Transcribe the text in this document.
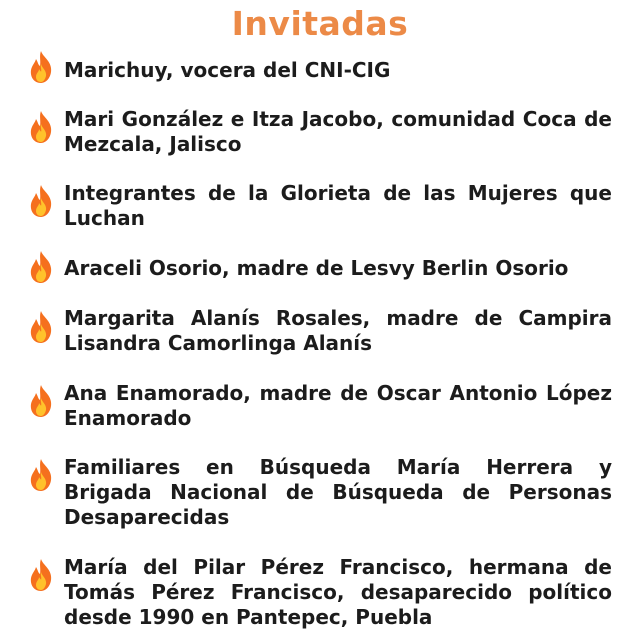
Invitadas
Marichuy, vocera del CNI-CIG
Mari González e Itza Jacobo, comunidad Coca de Mezcala, Jalisco
Integrantes de la Glorieta de las Mujeres que Luchan
Araceli Osorio, madre de Lesvy Berlin Osorio
Margarita Alanís Rosales, madre de Campira Lisandra Camorlinga Alanís
Ana Enamorado, madre de Oscar Antonio López Enamorado
Familiares en Búsqueda María Herrera y Brigada Nacional de Búsqueda de Personas Desaparecidas
María del Pilar Pérez Francisco, hermana de Tomás Pérez Francisco, desaparecido político desde 1990 en Pantepec, Puebla
